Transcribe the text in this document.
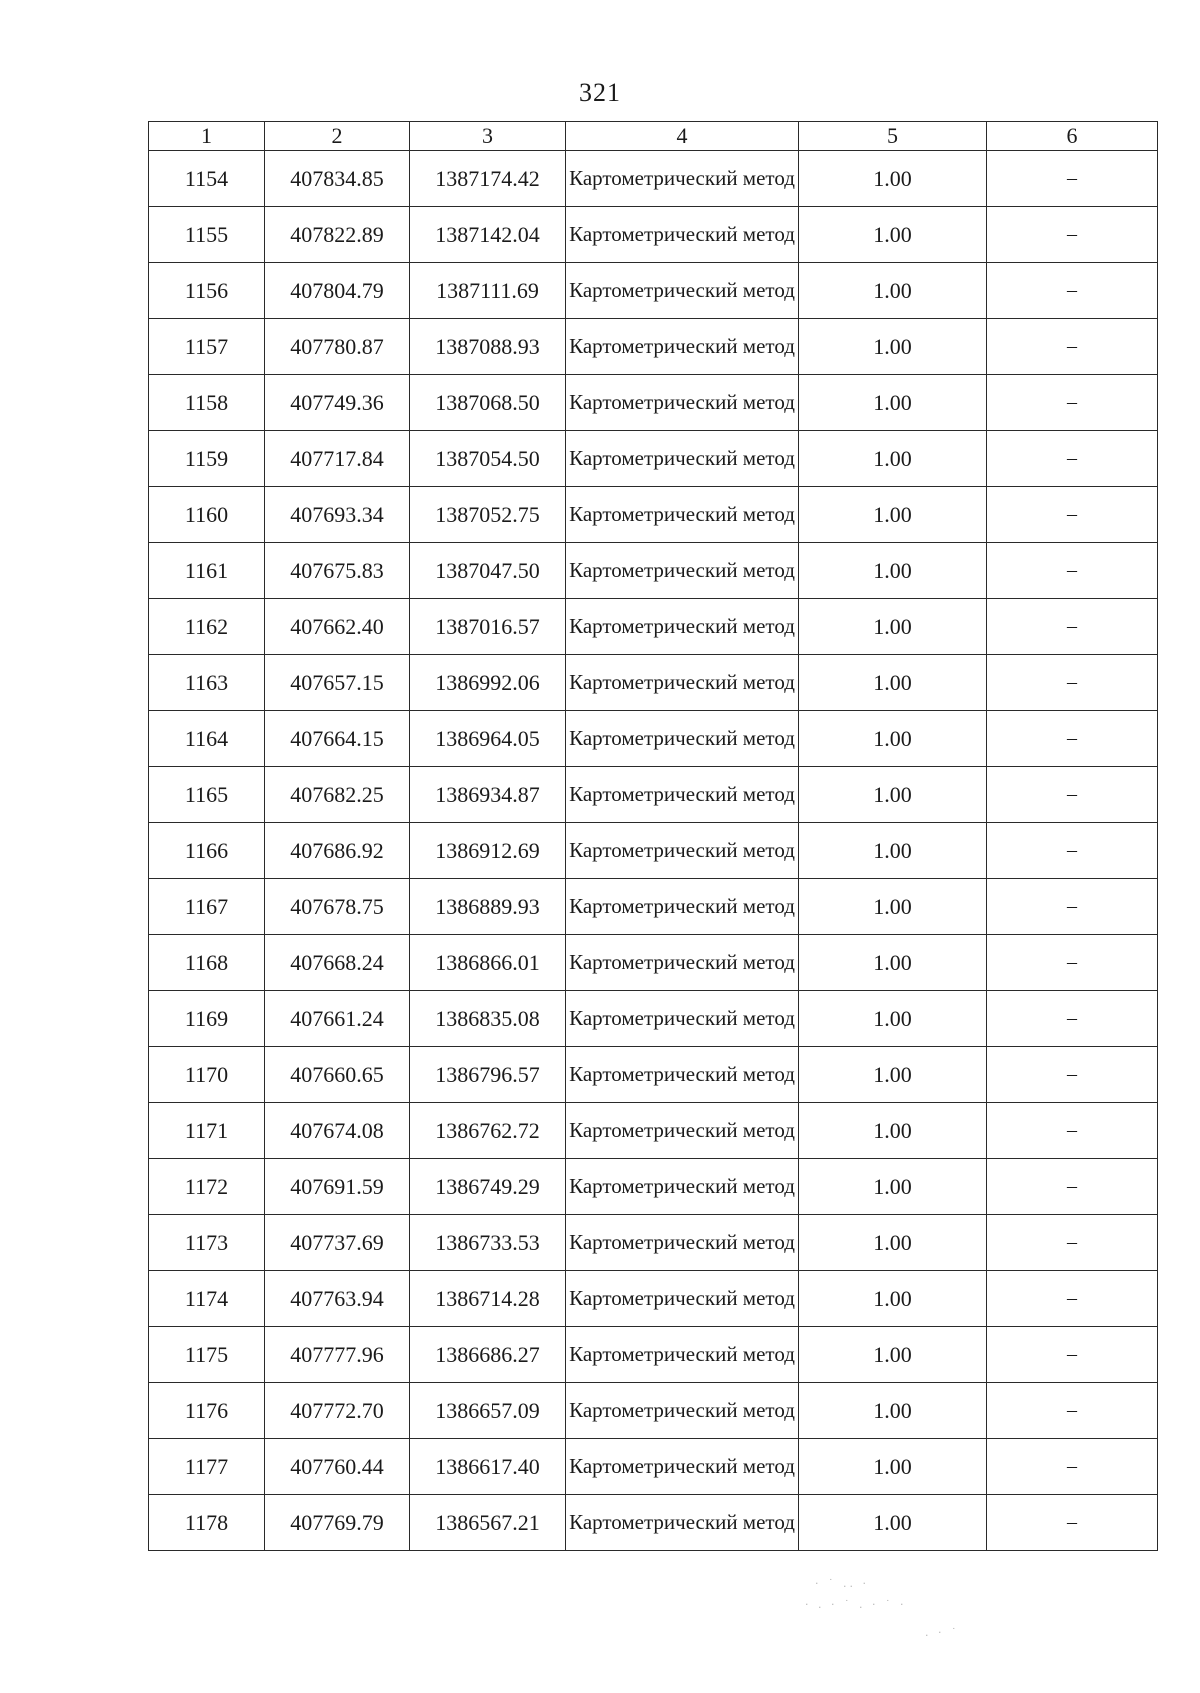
321
1	2	3	4	5	6
1154	407834.85	1387174.42	Картометрический метод	1.00	–
1155	407822.89	1387142.04	Картометрический метод	1.00	–
1156	407804.79	1387111.69	Картометрический метод	1.00	–
1157	407780.87	1387088.93	Картометрический метод	1.00	–
1158	407749.36	1387068.50	Картометрический метод	1.00	–
1159	407717.84	1387054.50	Картометрический метод	1.00	–
1160	407693.34	1387052.75	Картометрический метод	1.00	–
1161	407675.83	1387047.50	Картометрический метод	1.00	–
1162	407662.40	1387016.57	Картометрический метод	1.00	–
1163	407657.15	1386992.06	Картометрический метод	1.00	–
1164	407664.15	1386964.05	Картометрический метод	1.00	–
1165	407682.25	1386934.87	Картометрический метод	1.00	–
1166	407686.92	1386912.69	Картометрический метод	1.00	–
1167	407678.75	1386889.93	Картометрический метод	1.00	–
1168	407668.24	1386866.01	Картометрический метод	1.00	–
1169	407661.24	1386835.08	Картометрический метод	1.00	–
1170	407660.65	1386796.57	Картометрический метод	1.00	–
1171	407674.08	1386762.72	Картометрический метод	1.00	–
1172	407691.59	1386749.29	Картометрический метод	1.00	–
1173	407737.69	1386733.53	Картометрический метод	1.00	–
1174	407763.94	1386714.28	Картометрический метод	1.00	–
1175	407777.96	1386686.27	Картометрический метод	1.00	–
1176	407772.70	1386657.09	Картометрический метод	1.00	–
1177	407760.44	1386617.40	Картометрический метод	1.00	–
1178	407769.79	1386567.21	Картометрический метод	1.00	–
· ˙ .. ·
· . · ˙ . · ˙ ·
. · ˙
